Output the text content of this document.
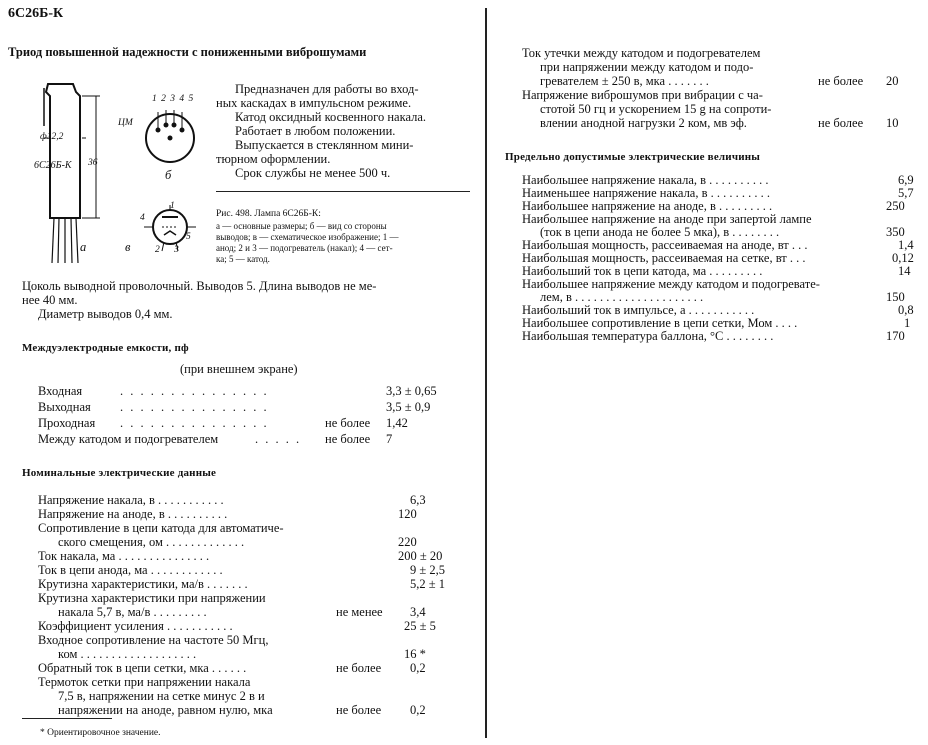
6С26Б-К
Триод повышенной надежности с пониженными виброшумами
ф12,2
6С26Б-К 36
а
1 2 3 4 5
ЦМ
б
4
1
2 3
5
в
Предназначен для работы во вход-
ных каскадах в импульсном режиме.
Катод оксидный косвенного накала.
Работает в любом положении.
Выпускается в стеклянном мини-
тюрном оформлении.
Срок службы не менее 500 ч.
Рис. 498. Лампа 6С26Б-К:
а — основные размеры; б — вид со стороны
выводов; в — схематическое изображение; 1 —
анод; 2 и 3 — подогреватель (накал); 4 — сет-
ка; 5 — катод.
Цоколь выводной проволочный. Выводов 5. Длина выводов не ме-
нее 40 мм.
Диаметр выводов 0,4 мм.
Междуэлектродные емкости, пф
(при внешнем экране)
Входная	. . . . . . . . . . . . . . .	3,3 ± 0,65
Выходная . . . . . . . . . . . . . . .	3,5 ± 0,9
Проходная . . . . . . . . . . . . . . .	не более 1,42
Между катодом и подогревателем	. . . . . не более 7
Номинальные электрические данные
Напряжение накала, в . . . . . . . . . . .	6,3
Напряжение на аноде, в . . . . . . . . . .	120
Сопротивление в цепи катода для автоматиче-
ского смещения, ом . . . . . . . . . . . . .	220
Ток накала, ма . . . . . . . . . . . . . . .	200 ± 20
Ток в цепи анода, ма . . . . . . . . . . . .	9 ± 2,5
Крутизна характеристики, ма/в . . . . . . .	5,2 ± 1
Крутизна характеристики при напряжении
накала 5,7 в, ма/в . . . . . . . . .	не менее 3,4
Коэффициент усиления . . . . . . . . . . .	25 ± 5
Входное сопротивление на частоте 50 Мгц,
ком . . . . . . . . . . . . . . . . . . .	16 *
Обратный ток в цепи сетки, мка . . . . . .	не более 0,2
Термоток сетки при напряжении накала
7,5 в, напряжении на сетке минус 2 в и
напряжении на аноде, равном нулю, мка	не более 0,2
* Ориентировочное значение.
Ток утечки между катодом и подогревателем
при напряжении между катодом и подо-
гревателем ± 250 в, мка . . . . . . .	не более 20
Напряжение виброшумов при вибрации с ча-
стотой 50 гц и ускорением 15 g на сопроти-
влении анодной нагрузки 2 ком, мв эф.	не более 10
Предельно допустимые электрические величины
Наибольшее напряжение накала, в . . . . . . . . . .	6,9
Наименьшее напряжение накала, в . . . . . . . . . .	5,7
Наибольшее напряжение на аноде, в . . . . . . . . .	250
Наибольшее напряжение на аноде при запертой лампе
(ток в цепи анода не более 5 мка), в . . . . . . . .	350
Наибольшая мощность, рассеиваемая на аноде, вт . . .	1,4
Наибольшая мощность, рассеиваемая на сетке, вт . . .	0,12
Наибольший ток в цепи катода, ма . . . . . . . . .	14
Наибольшее напряжение между катодом и подогревате-
лем, в . . . . . . . . . . . . . . . . . . . . .	150
Наибольший ток в импульсе, а . . . . . . . . . . .	0,8
Наибольшее сопротивление в цепи сетки, Мом . . . .	1
Наибольшая температура баллона, °C . . . . . . . .	170
